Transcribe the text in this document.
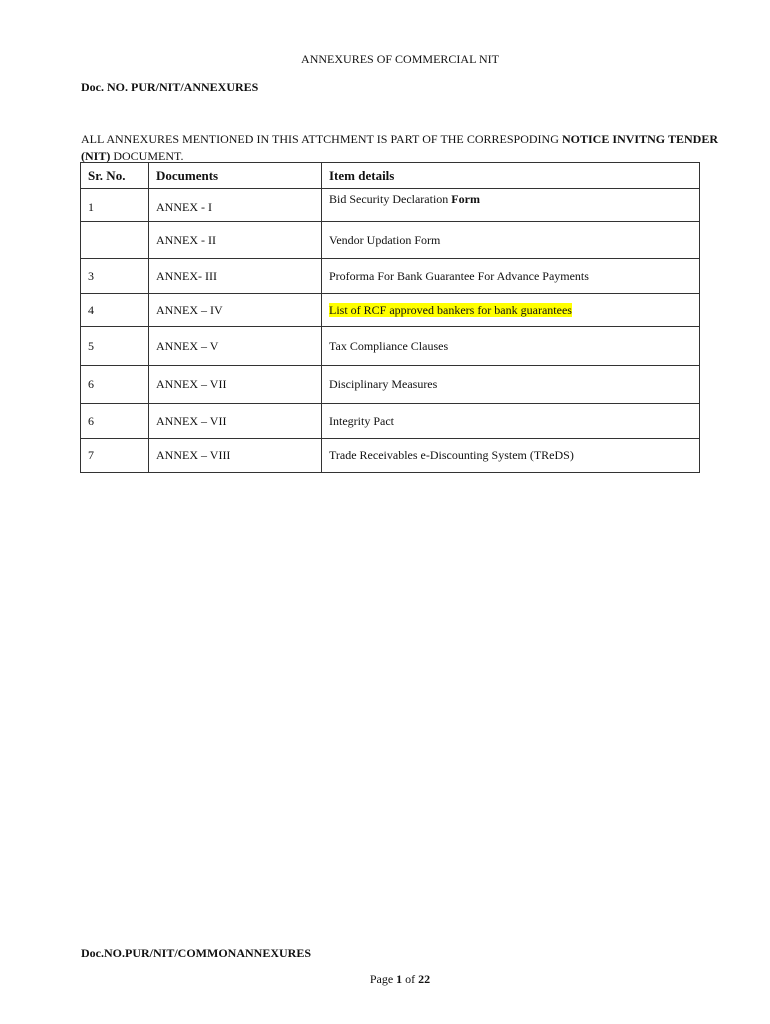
ANNEXURES OF COMMERCIAL NIT
Doc. NO. PUR/NIT/ANNEXURES
ALL ANNEXURES MENTIONED IN THIS ATTCHMENT IS PART OF THE CORRESPODING NOTICE INVITNG TENDER (NIT) DOCUMENT.
Sr. No.	Documents	Item details
1	ANNEX - I	Bid Security Declaration Form
	ANNEX - II	Vendor Updation Form
3	ANNEX- III	Proforma For Bank Guarantee For Advance Payments
4	ANNEX – IV	List of RCF approved bankers for bank guarantees
5	ANNEX – V	Tax Compliance Clauses
6	ANNEX – VII	Disciplinary Measures
6	ANNEX – VII	Integrity Pact
7	ANNEX – VIII	Trade Receivables e-Discounting System (TReDS)
Doc.NO.PUR/NIT/COMMONANNEXURES
Page 1 of 22
